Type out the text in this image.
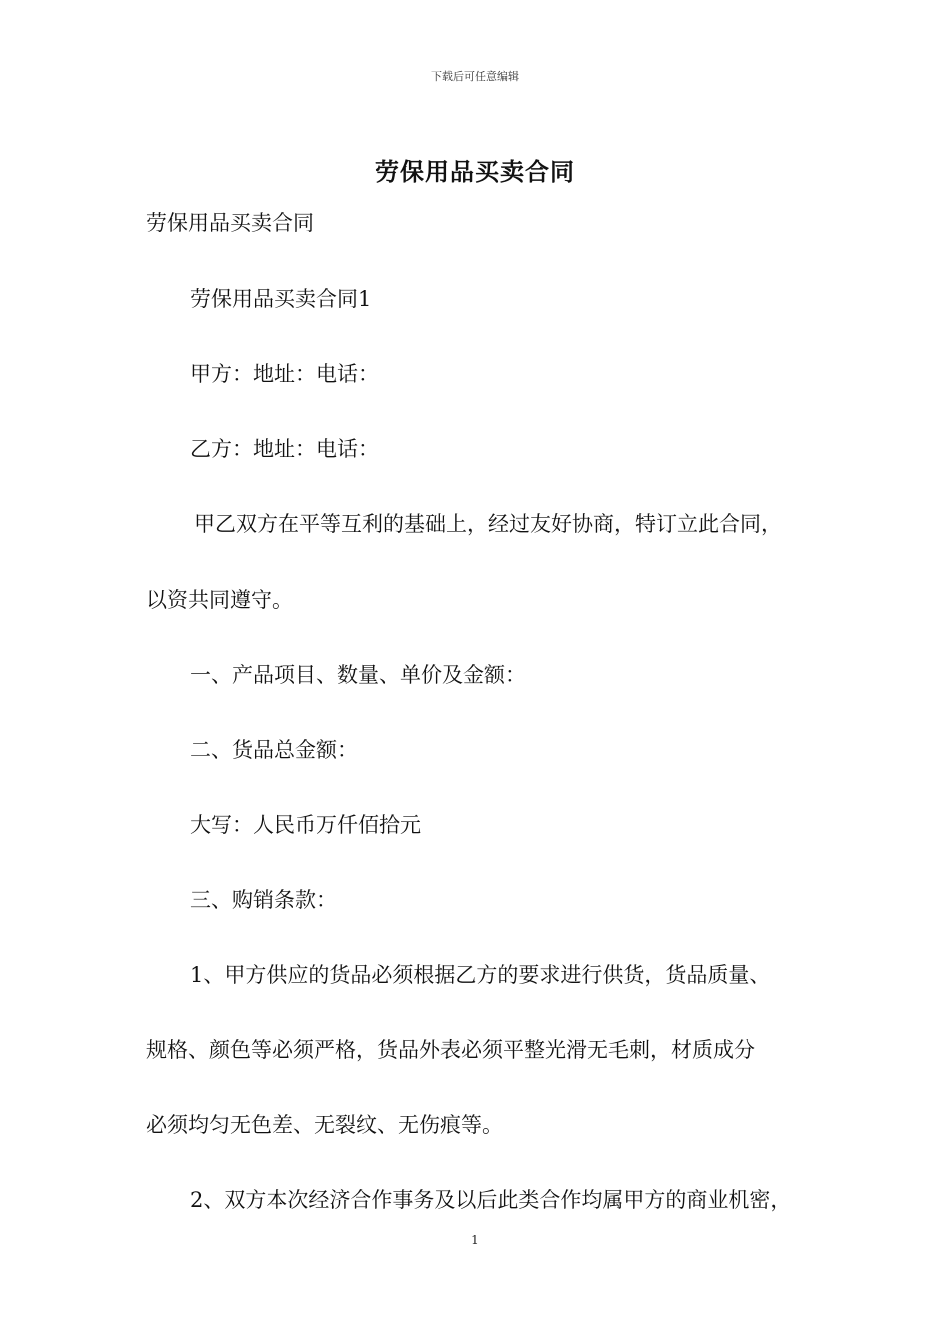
下载后可任意编辑
劳保用品买卖合同
劳保用品买卖合同
劳保用品买卖合同1
甲方：地址：电话：
乙方：地址：电话：
甲乙双方在平等互利的基础上，经过友好协商，特订立此合同，
以资共同遵守。
一、产品项目、数量、单价及金额：
二、货品总金额：
大写：人民币万仟佰拾元
三、购销条款：
1、甲方供应的货品必须根据乙方的要求进行供货，货品质量、
规格、颜色等必须严格，货品外表必须平整光滑无毛刺，材质成分
必须均匀无色差、无裂纹、无伤痕等。
2、双方本次经济合作事务及以后此类合作均属甲方的商业机密，
1
